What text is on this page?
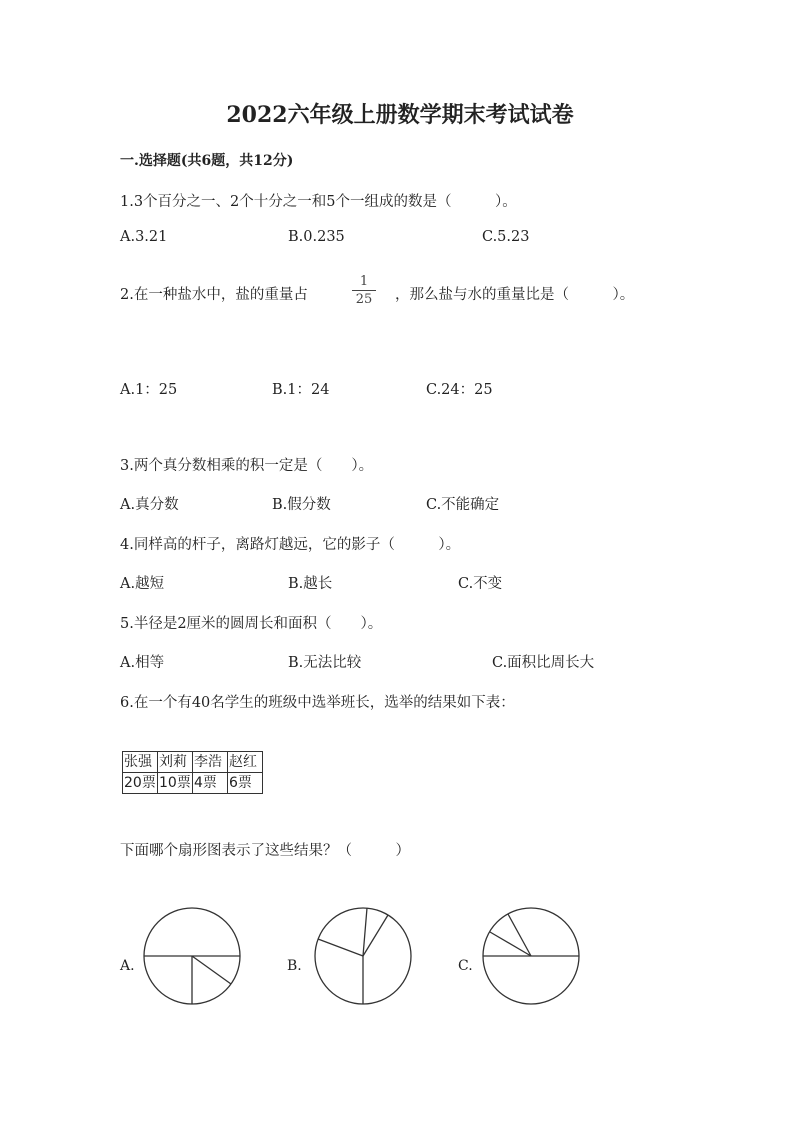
2022六年级上册数学期末考试试卷
一.选择题(共6题，共12分)
1.3个百分之一、2个十分之一和5个一组成的数是（　　　）。
A.3.21	B.0.235	C.5.23
2.在一种盐水中，盐的重量占
1
25 ，那么盐与水的重量比是（　　　）。
A.1：25	B.1：24	C.24：25
3.两个真分数相乘的积一定是（　　）。
A.真分数	B.假分数	C.不能确定
4.同样高的杆子，离路灯越远，它的影子（　　　）。
A.越短	B.越长	C.不变
5.半径是2厘米的圆周长和面积（　　）。
A.相等	B.无法比较	C.面积比周长大
6.在一个有40名学生的班级中选举班长，选举的结果如下表：
张强	刘莉	李浩	赵红
20票	10票	4票	6票
下面哪个扇形图表示了这些结果？（　　　）
A.	B.	C.
